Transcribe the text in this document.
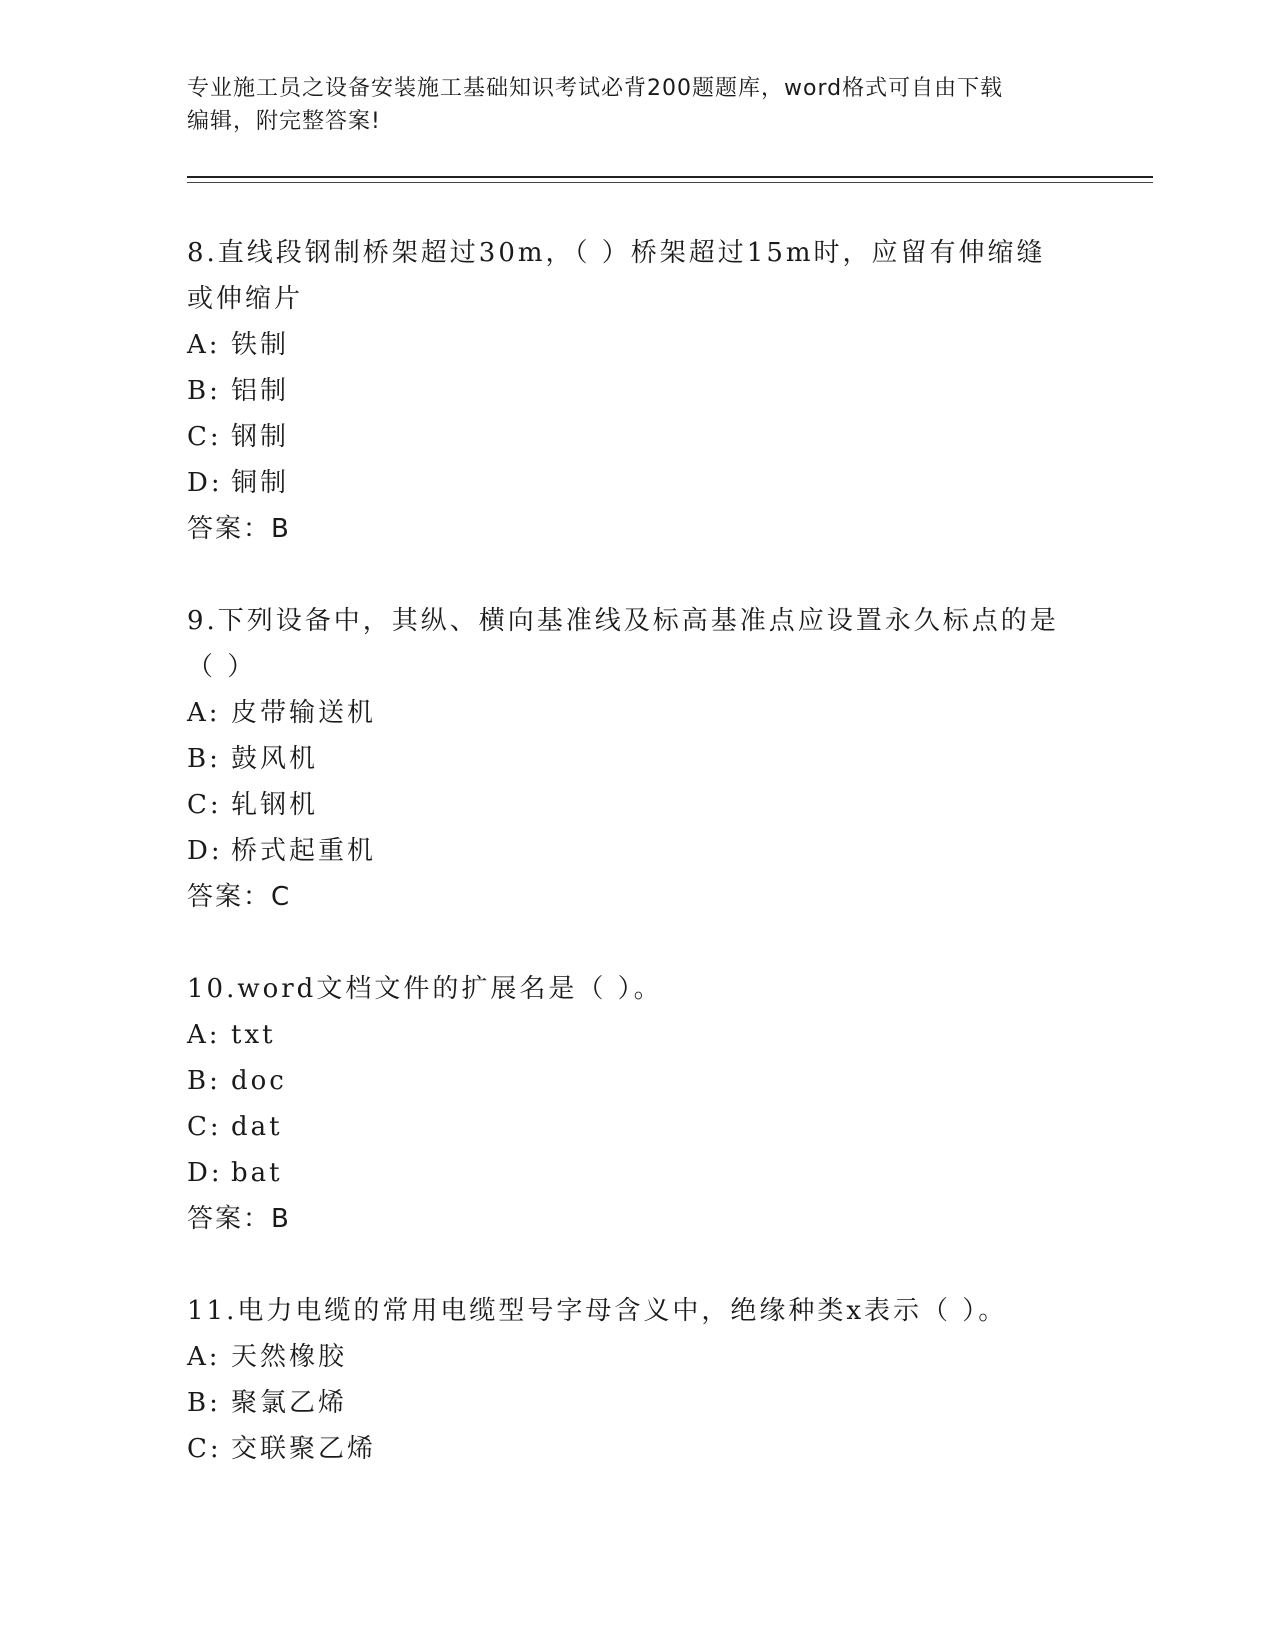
专业施工员之设备安装施工基础知识考试必背200题题库，word格式可自由下载
编辑，附完整答案!

8.直线段钢制桥架超过30m，（ ）桥架超过15m时，应留有伸缩缝或伸缩片

A: 铁制

B: 铝制

C: 钢制

D: 铜制

答案：B

9.下列设备中，其纵、横向基准线及标高基准点应设置永久标点的是（ ）

A: 皮带输送机

B: 鼓风机

C: 轧钢机

D: 桥式起重机

答案：C

10.word文档文件的扩展名是（ ）。

A: txt

B: doc

C: dat

D: bat

答案：B

11.电力电缆的常用电缆型号字母含义中，绝缘种类x表示（ ）。

A: 天然橡胶

B: 聚氯乙烯

C: 交联聚乙烯
